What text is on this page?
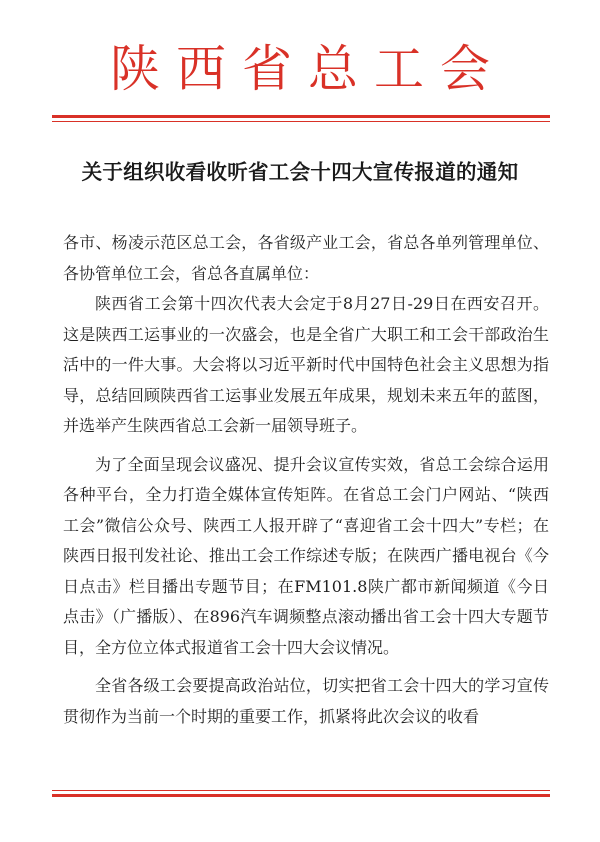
陕西省总工会
关于组织收看收听省工会十四大宣传报道的通知

各市、杨凌示范区总工会，各省级产业工会，省总各单列管理单位、各协管单位工会，省总各直属单位：

陕西省工会第十四次代表大会定于8月27日-29日在西安召开。这是陕西工运事业的一次盛会，也是全省广大职工和工会干部政治生活中的一件大事。大会将以习近平新时代中国特色社会主义思想为指导，总结回顾陕西省工运事业发展五年成果，规划未来五年的蓝图，并选举产生陕西省总工会新一届领导班子。

为了全面呈现会议盛况、提升会议宣传实效，省总工会综合运用各种平台，全力打造全媒体宣传矩阵。在省总工会门户网站、“陕西工会”微信公众号、陕西工人报开辟了“喜迎省工会十四大”专栏；在陕西日报刊发社论、推出工会工作综述专版；在陕西广播电视台《今日点击》栏目播出专题节目；在FM101.8陕广都市新闻频道《今日点击》（广播版）、在896汽车调频整点滚动播出省工会十四大专题节目，全方位立体式报道省工会十四大会议情况。

全省各级工会要提高政治站位，切实把省工会十四大的学习宣传贯彻作为当前一个时期的重要工作，抓紧将此次会议的收看
